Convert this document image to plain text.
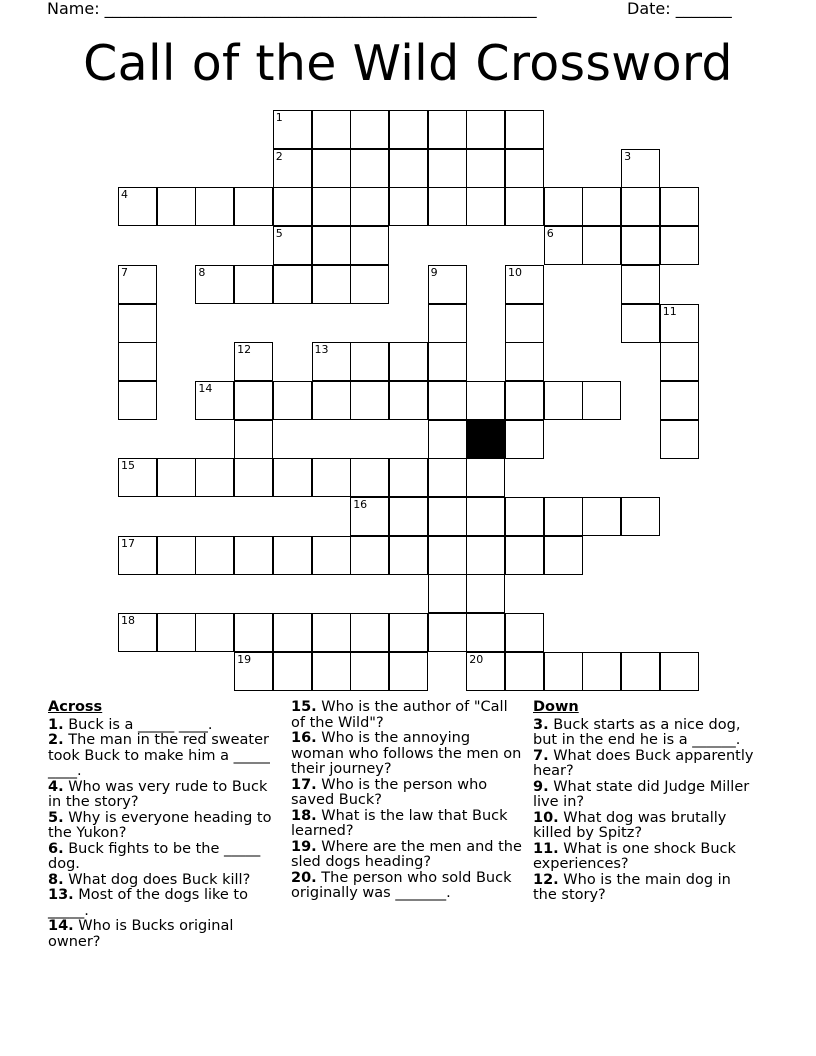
Name: ______________________________________________________	Date: _______
Call of the Wild Crossword
1
2
4
5	6
8
13
14
15
16
17
18
19	20
3
7	9	10
11
12
Across
1. Buck is a _____ ____.
2. The man in the red sweater took Buck to make him a _____ ____.
4. Who was very rude to Buck in the story?
5. Why is everyone heading to the Yukon?
6. Buck fights to be the _____ dog.
8. What dog does Buck kill?
13. Most of the dogs like to _____.
14. Who is Bucks original owner?
15. Who is the author of "Call of the Wild"?
16. Who is the annoying woman who follows the men on their journey?
17. Who is the person who saved Buck?
18. What is the law that Buck learned?
19. Where are the men and the sled dogs heading?
20. The person who sold Buck originally was _______.
Down
3. Buck starts as a nice dog, but in the end he is a ______.
7. What does Buck apparently hear?
9. What state did Judge Miller live in?
10. What dog was brutally killed by Spitz?
11. What is one shock Buck experiences?
12. Who is the main dog in the story?
